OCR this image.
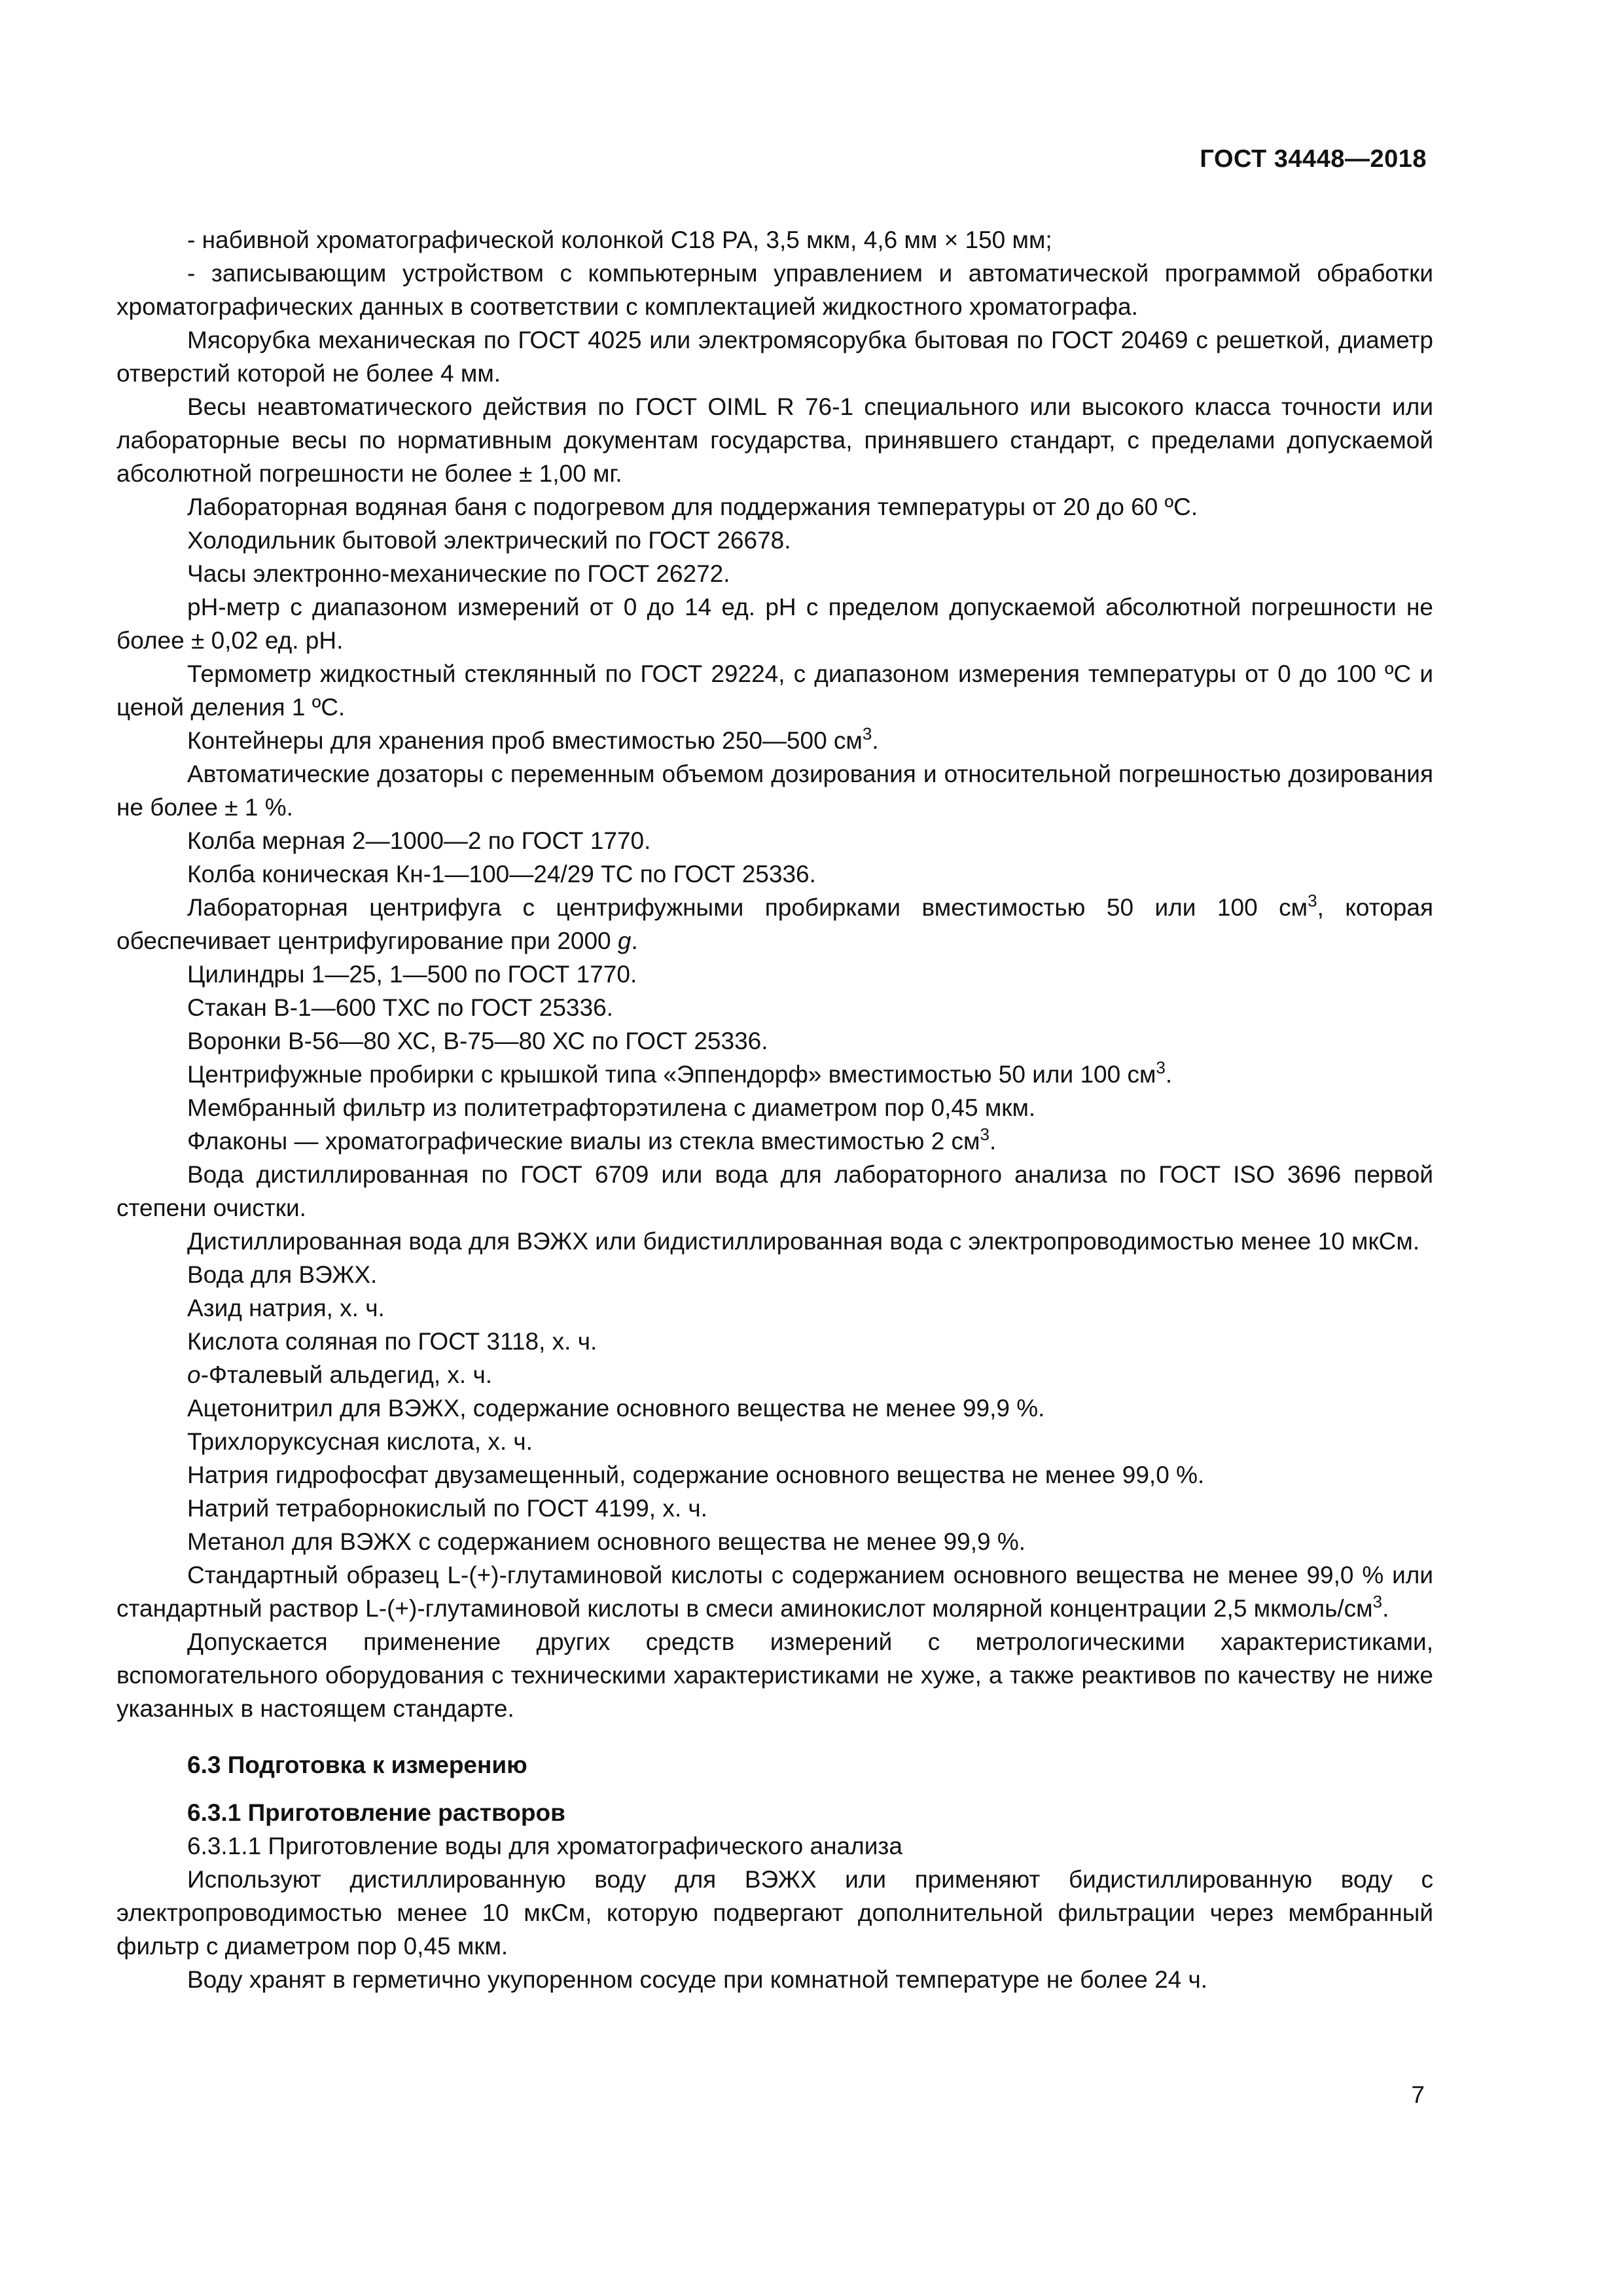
ГОСТ 34448—2018

- набивной хроматографической колонкой С18 РА, 3,5 мкм, 4,6 мм × 150 мм;

- записывающим устройством с компьютерным управлением и автоматической программой обработки хроматографических данных в соответствии с комплектацией жидкостного хроматографа.

Мясорубка механическая по ГОСТ 4025 или электромясорубка бытовая по ГОСТ 20469 с решеткой, диаметр отверстий которой не более 4 мм.

Весы неавтоматического действия по ГОСТ OIML R 76-1 специального или высокого класса точности или лабораторные весы по нормативным документам государства, принявшего стандарт, с пределами допускаемой абсолютной погрешности не более ± 1,00 мг.

Лабораторная водяная баня с подогревом для поддержания температуры от 20 до 60 ºС.

Холодильник бытовой электрический по ГОСТ 26678.

Часы электронно-механические по ГОСТ 26272.

pH-метр с диапазоном измерений от 0 до 14 ед. pH с пределом допускаемой абсолютной погрешности не более ± 0,02 ед. pH.

Термометр жидкостный стеклянный по ГОСТ 29224, с диапазоном измерения температуры от 0 до 100 ºС и ценой деления 1 ºС.

Контейнеры для хранения проб вместимостью 250—500 $см^3$.

Автоматические дозаторы с переменным объемом дозирования и относительной погрешностью дозирования не более ± 1 %.

Колба мерная 2—1000—2 по ГОСТ 1770.

Колба коническая Кн-1—100—24/29 ТС по ГОСТ 25336.

Лабораторная центрифуга с центрифужными пробирками вместимостью 50 или 100 $см^3$, которая обеспечивает центрифугирование при 2000 g.

Цилиндры 1—25, 1—500 по ГОСТ 1770.

Стакан В-1—600 ТХС по ГОСТ 25336.

Воронки В-56—80 ХС, В-75—80 ХС по ГОСТ 25336.

Центрифужные пробирки с крышкой типа «Эппендорф» вместимостью 50 или 100 $см^3$.

Мембранный фильтр из политетрафторэтилена с диаметром пор 0,45 мкм.

Флаконы — хроматографические виалы из стекла вместимостью 2 $см^3$.

Вода дистиллированная по ГОСТ 6709 или вода для лабораторного анализа по ГОСТ ISO 3696 первой степени очистки.

Дистиллированная вода для ВЭЖХ или бидистиллированная вода с электропроводимостью менее 10 мкСм.

Вода для ВЭЖХ.

Азид натрия, х. ч.

Кислота соляная по ГОСТ 3118, х. ч.

о-Фталевый альдегид, х. ч.

Ацетонитрил для ВЭЖХ, содержание основного вещества не менее 99,9 %.

Трихлоруксусная кислота, х. ч.

Натрия гидрофосфат двузамещенный, содержание основного вещества не менее 99,0 %.

Натрий тетраборнокислый по ГОСТ 4199, х. ч.

Метанол для ВЭЖХ с содержанием основного вещества не менее 99,9 %.

Стандартный образец L-(+)-глутаминовой кислоты с содержанием основного вещества не менее 99,0 % или стандартный раствор L-(+)-глутаминовой кислоты в смеси аминокислот молярной концентрации 2,5 мкмоль/$см^3$.

Допускается применение других средств измерений с метрологическими характеристиками, вспомогательного оборудования с техническими характеристиками не хуже, а также реактивов по качеству не ниже указанных в настоящем стандарте.

6.3 Подготовка к измерению

6.3.1 Приготовление растворов

6.3.1.1 Приготовление воды для хроматографического анализа

Используют дистиллированную воду для ВЭЖХ или применяют бидистиллированную воду с электропроводимостью менее 10 мкСм, которую подвергают дополнительной фильтрации через мембранный фильтр с диаметром пор 0,45 мкм.

Воду хранят в герметично укупоренном сосуде при комнатной температуре не более 24 ч.

7
